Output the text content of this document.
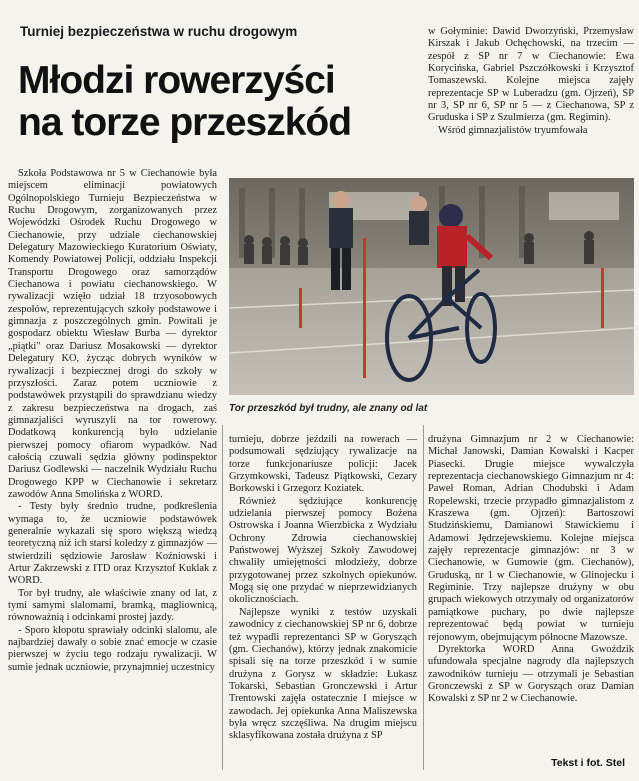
Turniej bezpieczeństwa w ruchu drogowym
Młodzi rowerzyści
na torze przeszkód

w Gołyminie: Dawid Dworzyński, Przemysław Kirszak i Jakub Ochęchowski, na trzecim — zespół z SP nr 7 w Ciechanowie: Ewa Korycińska, Gabriel Pszczółkowski i Krzysztof Tomaszewski. Kolejne miejsca zajęły reprezentacje SP w Luberadzu (gm. Ojrzeń), SP nr 3, SP nr 6, SP nr 5 — z Ciechanowa, SP z Gruduska i SP z Szulmierza (gm. Regimin).

Wśród gimnazjalistów tryumfowała

Szkoła Podstawowa nr 5 w Ciechanowie była miejscem eliminacji powiatowych Ogólnopolskiego Turnieju Bezpieczeństwa w Ruchu Drogowym, zorganizowanych przez Wojewódzki Ośrodek Ruchu Drogowego w Ciechanowie, przy udziale ciechanowskiej Delegatury Mazowieckiego Kuratorium Oświaty, Komendy Powiatowej Policji, oddziału Inspekcji Transportu Drogowego oraz samorządów Ciechanowa i powiatu ciechanowskiego. W rywalizacji wzięło udział 18 trzyosobowych zespołów, reprezentujących szkoły podstawowe i gimnazja z poszczególnych gmin. Powitali je gospodarz obiektu Wiesław Burba — dyrektor „piątki" oraz Dariusz Mosakowski — dyrektor Delegatury KO, życząc dobrych wyników w rywalizacji i bezpiecznej drogi do szkoły w przyszłości. Zaraz potem uczniowie z podstawówek przystąpili do sprawdzianu wiedzy z zakresu bezpieczeństwa na drogach, zaś gimnazjaliści wyruszyli na tor rowerowy. Dodatkową konkurencją było udzielanie pierwszej pomocy ofiarom wypadków. Nad całością czuwali sędzia główny podinspektor Dariusz Godlewski — naczelnik Wydziału Ruchu Drogowego KPP w Ciechanowie i sekretarz zawodów Anna Smolińska z WORD.

- Testy były średnio trudne, podkreślenia wymaga to, że uczniowie podstawówek generalnie wykazali się sporo większą wiedzą teoretyczną niż ich starsi koledzy z gimnazjów — stwierdzili sędziowie Jarosław Koźniowski i Artur Zakrzewski z ITD oraz Krzysztof Kuklak z WORD.

Tor był trudny, ale właściwie znany od lat, z tymi samymi slalomami, bramką, magliownicą, równoważnią i odcinkami prostej jazdy.

- Sporo kłopotu sprawiały odcinki slalomu, ale najbardziej dawały o sobie znać emocje w czasie pierwszej w życiu tego rodzaju rywalizacji. W sumie jednak uczniowie, przynajmniej uczestnicy

Tor przeszkód był trudny, ale znany od lat

turnieju, dobrze jeździli na rowerach — podsumowali sędziujący rywalizacje na torze funkcjonariusze policji: Jacek Grzymkowski, Tadeusz Piątkowski, Cezary Borkowski i Grzegorz Koziatek.

Również sędziujące konkurencję udzielania pierwszej pomocy Bożena Ostrowska i Joanna Wierzbicka z Wydziału Ochrony Zdrowia ciechanowskiej Państwowej Wyższej Szkoły Zawodowej chwaliły umiejętności młodzieży, dobrze przygotowanej przez szkolnych opiekunów. Mogą się one przydać w nieprzewidzianych okolicznościach.

Najlepsze wyniki z testów uzyskali zawodnicy z ciechanowskiej SP nr 6, dobrze też wypadli reprezentanci SP w Gorysząch (gm. Ciechanów), którzy jednak znakomicie spisali się na torze przeszkód i w sumie drużyna z Gorysz w składzie: Łukasz Tokarski, Sebastian Gronczewski i Artur Trentowski zajęła ostatecznie I miejsce w zawodach. Jej opiekunka Anna Maliszewska była wręcz szczęśliwa. Na drugim miejscu sklasyfikowana została drużyna z SP

drużyna Gimnazjum nr 2 w Ciechanowie: Michał Janowski, Damian Kowalski i Kacper Piasecki. Drugie miejsce wywalczyła reprezentacja ciechanowskiego Gimnazjum nr 4: Paweł Roman, Adrian Chodubski i Adam Ropelewski, trzecie przypadło gimnazjalistom z Kraszewa (gm. Ojrzeń): Bartoszowi Studzińskiemu, Damianowi Stawickiemu i Adamowi Jędrzejewskiemu. Kolejne miejsca zajęły reprezentacje gimnazjów: nr 3 w Ciechanowie, w Gumowie (gm. Ciechanów), Gruduską, nr 1 w Ciechanowie, w Glinojecku i Regiminie. Trzy najlepsze drużyny w obu grupach wiekowych otrzymały od organizatorów pamiątkowe puchary, po dwie najlepsze reprezentować będą powiat w turnieju rejonowym, obejmującym północne Mazowsze.

Dyrektorka WORD Anna Gwoździk ufundowała specjalne nagrody dla najlepszych zawodników turnieju — otrzymali je Sebastian Gronczewski z SP w Gorysząch oraz Damian Kowalski z SP nr 2 w Ciechanowie.

Tekst i fot. Stel
